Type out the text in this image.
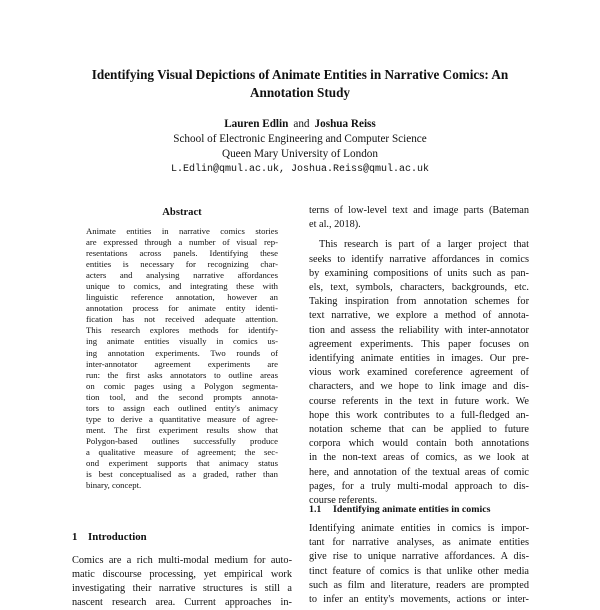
Identifying Visual Depictions of Animate Entities in Narrative Comics: An
Annotation Study
Lauren Edlin and Joshua Reiss
School of Electronic Engineering and Computer Science
Queen Mary University of London
L.Edlin@qmul.ac.uk, Joshua.Reiss@qmul.ac.uk
Abstract
Animate entities in narrative comics stories
are expressed through a number of visual rep-
resentations across panels. Identifying these
entities is necessary for recognizing char-
acters and analysing narrative affordances
unique to comics, and integrating these with
linguistic reference annotation, however an
annotation process for animate entity identi-
fication has not received adequate attention.
This research explores methods for identify-
ing animate entities visually in comics us-
ing annotation experiments. Two rounds of
inter-annotator agreement experiments are
run: the first asks annotators to outline areas
on comic pages using a Polygon segmenta-
tion tool, and the second prompts annota-
tors to assign each outlined entity's animacy
type to derive a quantitative measure of agree-
ment. The first experiment results show that
Polygon-based outlines successfully produce
a qualitative measure of agreement; the sec-
ond experiment supports that animacy status
is best conceptualised as a graded, rather than
binary, concept.
1 Introduction
Comics are a rich multi-modal medium for auto-
matic discourse processing, yet empirical work
investigating their narrative structures is still a
nascent research area. Current approaches in-
terns of low-level text and image parts (Bateman
et al., 2018).
This research is part of a larger project that
seeks to identify narrative affordances in comics
by examining compositions of units such as pan-
els, text, symbols, characters, backgrounds, etc.
Taking inspiration from annotation schemes for
text narrative, we explore a method of annota-
tion and assess the reliability with inter-annotator
agreement experiments. This paper focuses on
identifying animate entities in images. Our pre-
vious work examined coreference agreement of
characters, and we hope to link image and dis-
course referents in the text in future work. We
hope this work contributes to a full-fledged an-
notation scheme that can be applied to future
corpora which would contain both annotations
in the non-text areas of comics, as we look at
here, and annotation of the textual areas of comic
pages, for a truly multi-modal approach to dis-
course referents.
1.1 Identifying animate entities in comics
Identifying animate entities in comics is impor-
tant for narrative analyses, as animate entities
give rise to unique narrative affordances. A dis-
tinct feature of comics is that unlike other media
such as film and literature, readers are prompted
to infer an entity's movements, actions or inter-
